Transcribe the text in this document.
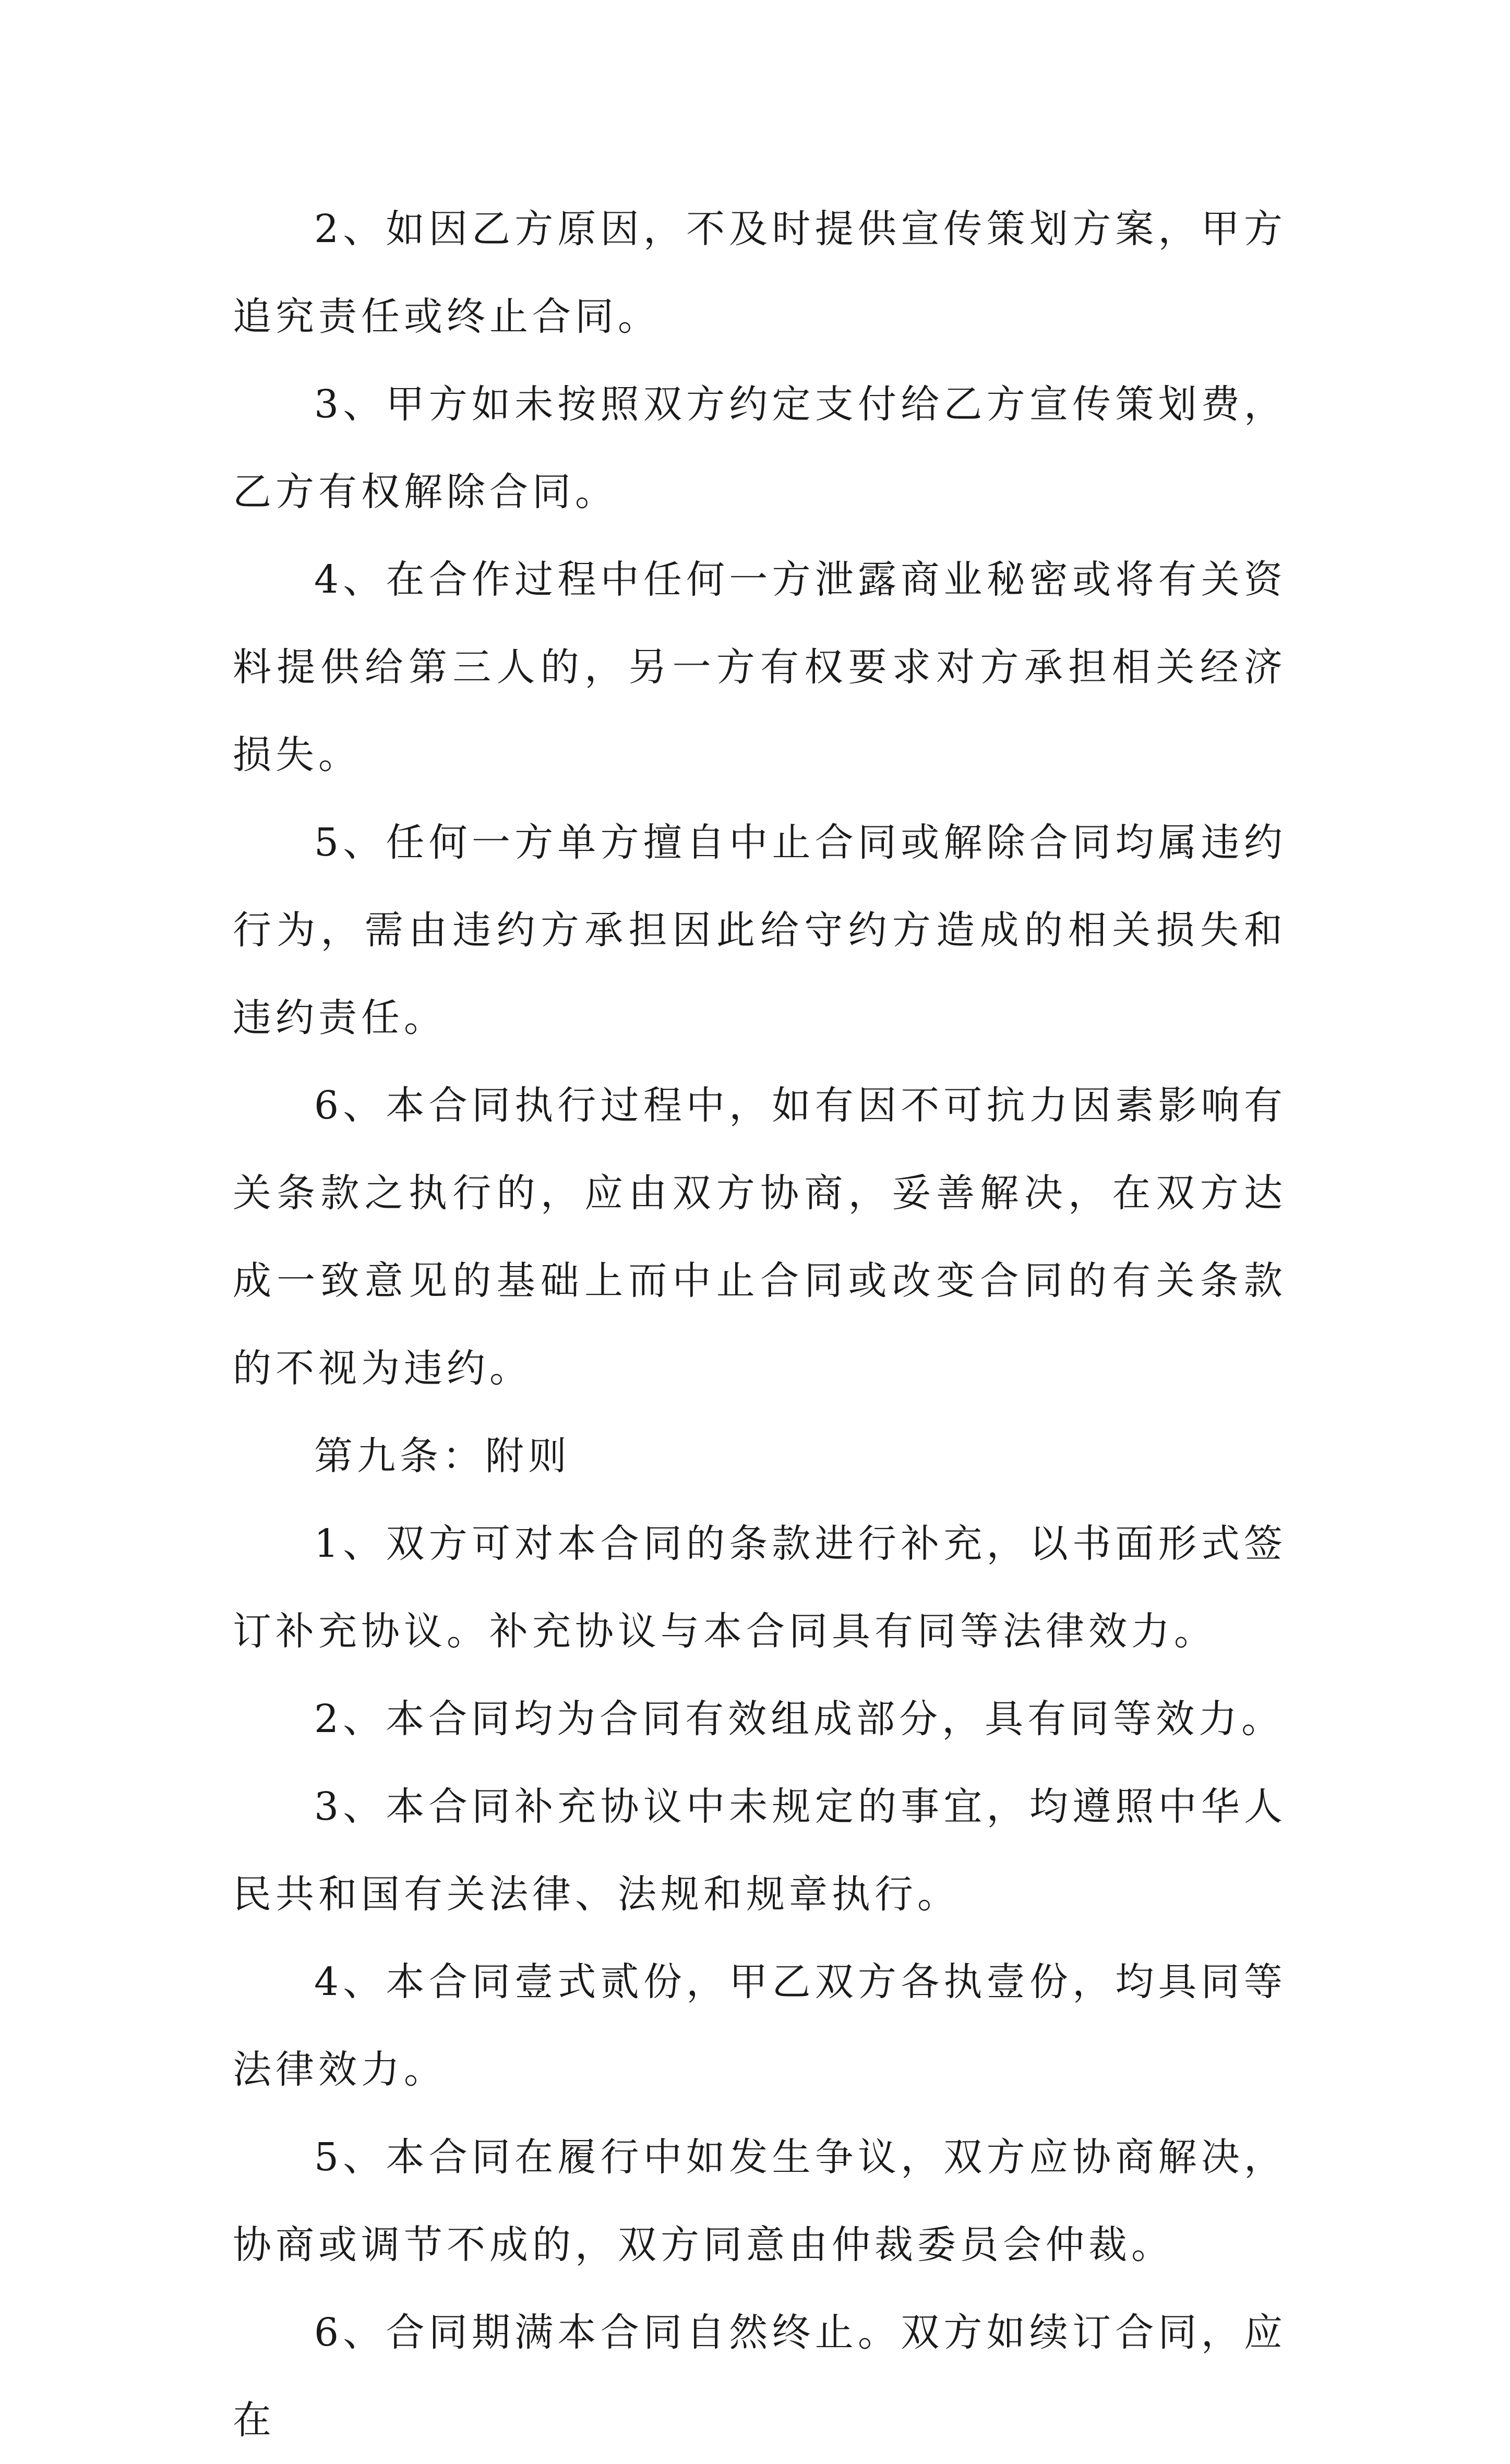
2、如因乙方原因，不及时提供宣传策划方案，甲方追究责任或终止合同。

3、甲方如未按照双方约定支付给乙方宣传策划费，乙方有权解除合同。

4、在合作过程中任何一方泄露商业秘密或将有关资料提供给第三人的，另一方有权要求对方承担相关经济损失。

5、任何一方单方擅自中止合同或解除合同均属违约行为，需由违约方承担因此给守约方造成的相关损失和违约责任。

6、本合同执行过程中，如有因不可抗力因素影响有关条款之执行的，应由双方协商，妥善解决，在双方达成一致意见的基础上而中止合同或改变合同的有关条款的不视为违约。

第九条：附则

1、双方可对本合同的条款进行补充，以书面形式签订补充协议。补充协议与本合同具有同等法律效力。

2、本合同均为合同有效组成部分，具有同等效力。

3、本合同补充协议中未规定的事宜，均遵照中华人民共和国有关法律、法规和规章执行。

4、本合同壹式贰份，甲乙双方各执壹份，均具同等法律效力。

5、本合同在履行中如发生争议，双方应协商解决，协商或调节不成的，双方同意由仲裁委员会仲裁。

6、合同期满本合同自然终止。双方如续订合同，应在
